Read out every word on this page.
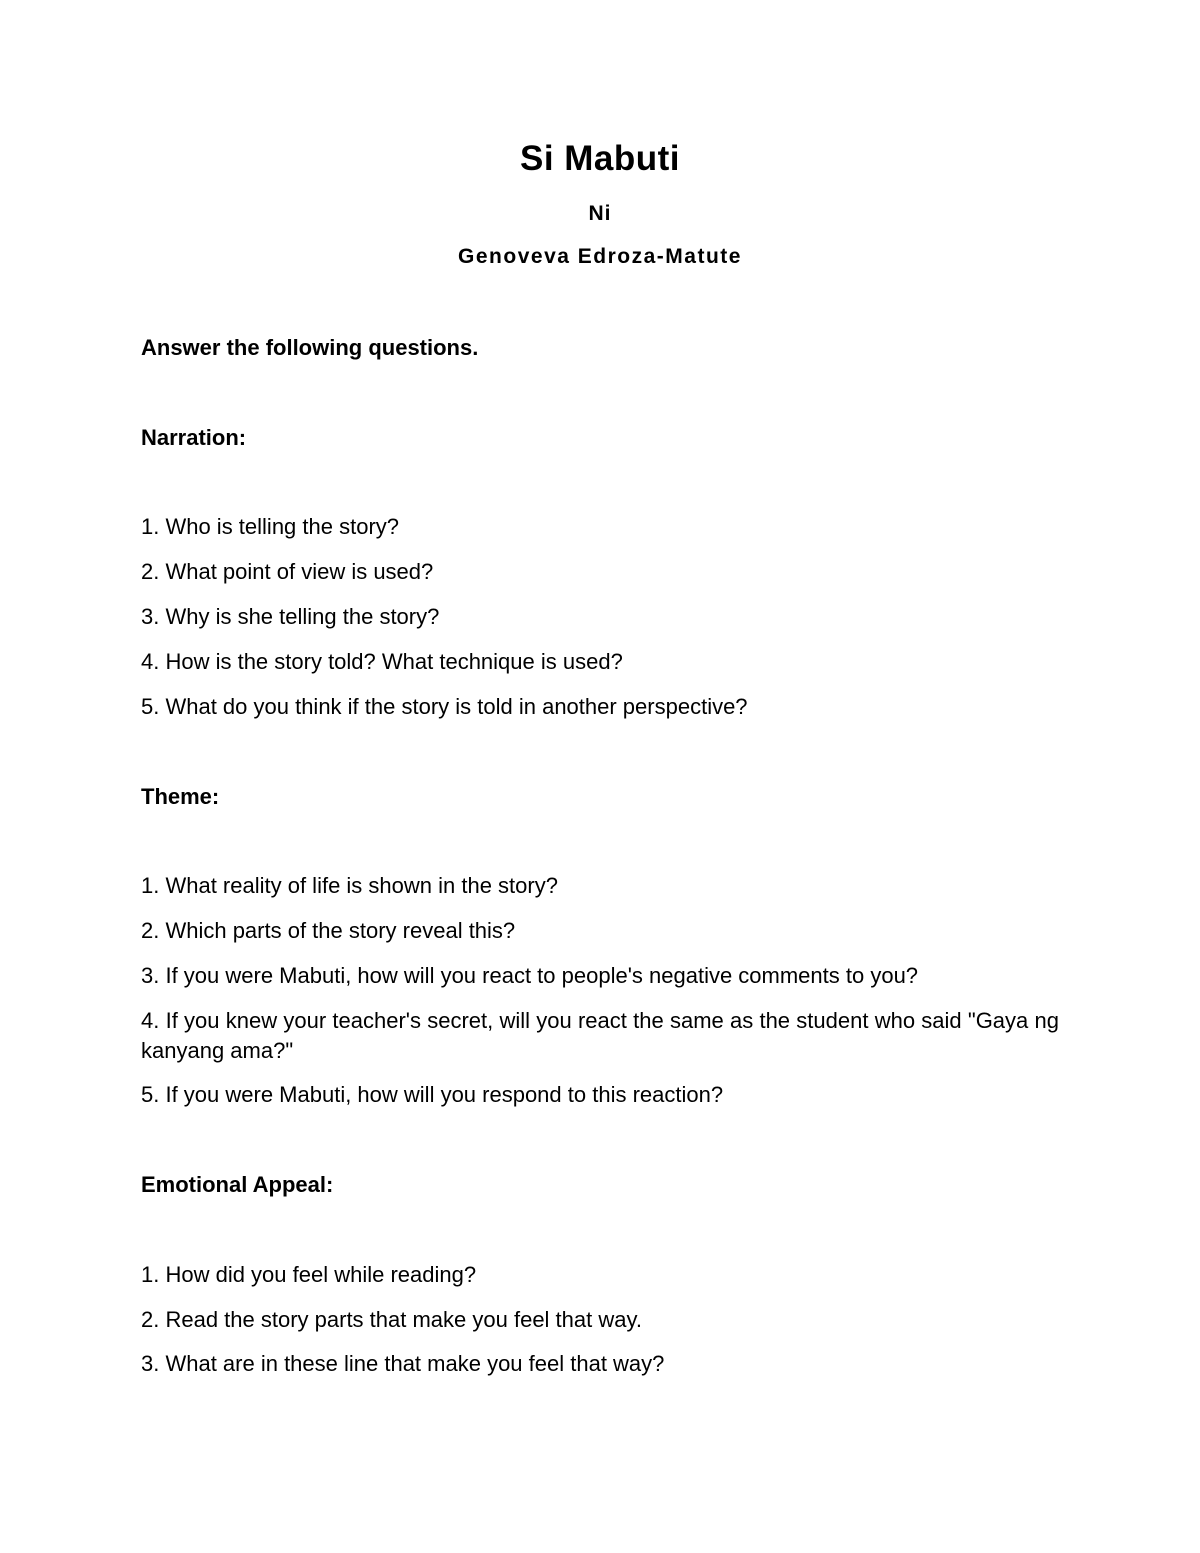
Si Mabuti
Ni
Genoveva Edroza-Matute
Answer the following questions.
Narration:
1. Who is telling the story?
2. What point of view is used?
3. Why is she telling the story?
4. How is the story told? What technique is used?
5. What do you think if the story is told in another perspective?
Theme:
1. What reality of life is shown in the story?
2. Which parts of the story reveal this?
3. If you were Mabuti, how will you react to people's negative comments to you?
4. If you knew your teacher's secret, will you react the same as the student who said "Gaya ng kanyang ama?"
5. If you were Mabuti, how will you respond to this reaction?
Emotional Appeal:
1. How did you feel while reading?
2. Read the story parts that make you feel that way.
3. What are in these line that make you feel that way?
